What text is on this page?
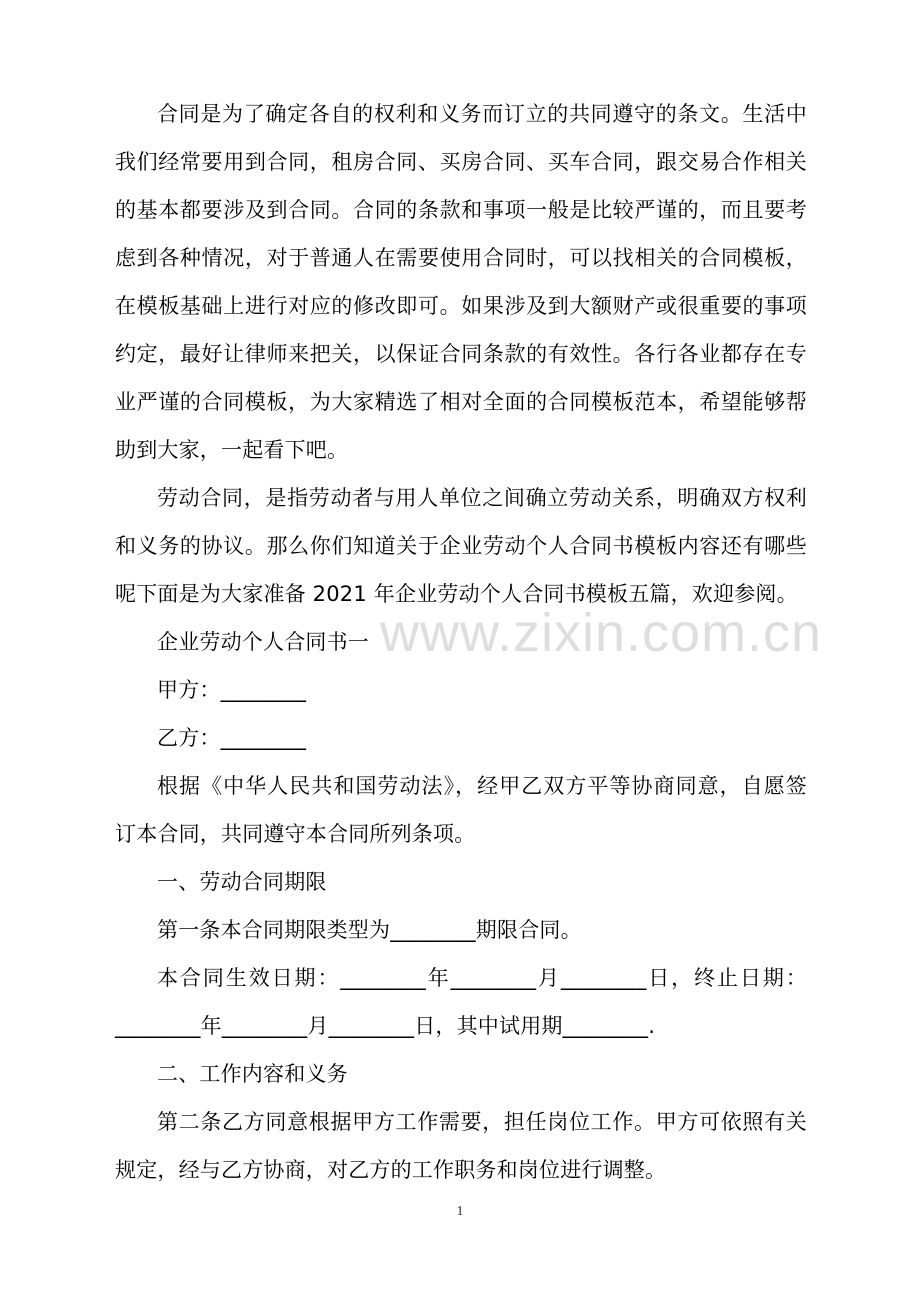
合同是为了确定各自的权利和义务而订立的共同遵守的条文。生活中
我们经常要用到合同，租房合同、买房合同、买车合同，跟交易合作相关
的基本都要涉及到合同。合同的条款和事项一般是比较严谨的，而且要考
虑到各种情况，对于普通人在需要使用合同时，可以找相关的合同模板，
在模板基础上进行对应的修改即可。如果涉及到大额财产或很重要的事项
约定，最好让律师来把关，以保证合同条款的有效性。各行各业都存在专
业严谨的合同模板，为大家精选了相对全面的合同模板范本，希望能够帮
助到大家，一起看下吧。
劳动合同，是指劳动者与用人单位之间确立劳动关系，明确双方权利
和义务的协议。那么你们知道关于企业劳动个人合同书模板内容还有哪些
呢下面是为大家准备 2021 年企业劳动个人合同书模板五篇，欢迎参阅。
企业劳动个人合同书一
甲方：________
乙方：________
根据《中华人民共和国劳动法》，经甲乙双方平等协商同意，自愿签
订本合同，共同遵守本合同所列条项。
一、劳动合同期限
第一条本合同期限类型为________期限合同。
本合同生效日期：________年________月________日，终止日期：
________年________月________日，其中试用期________.
二、工作内容和义务
第二条乙方同意根据甲方工作需要，担任岗位工作。甲方可依照有关
规定，经与乙方协商，对乙方的工作职务和岗位进行调整。
www.zixin.com.cn
1
